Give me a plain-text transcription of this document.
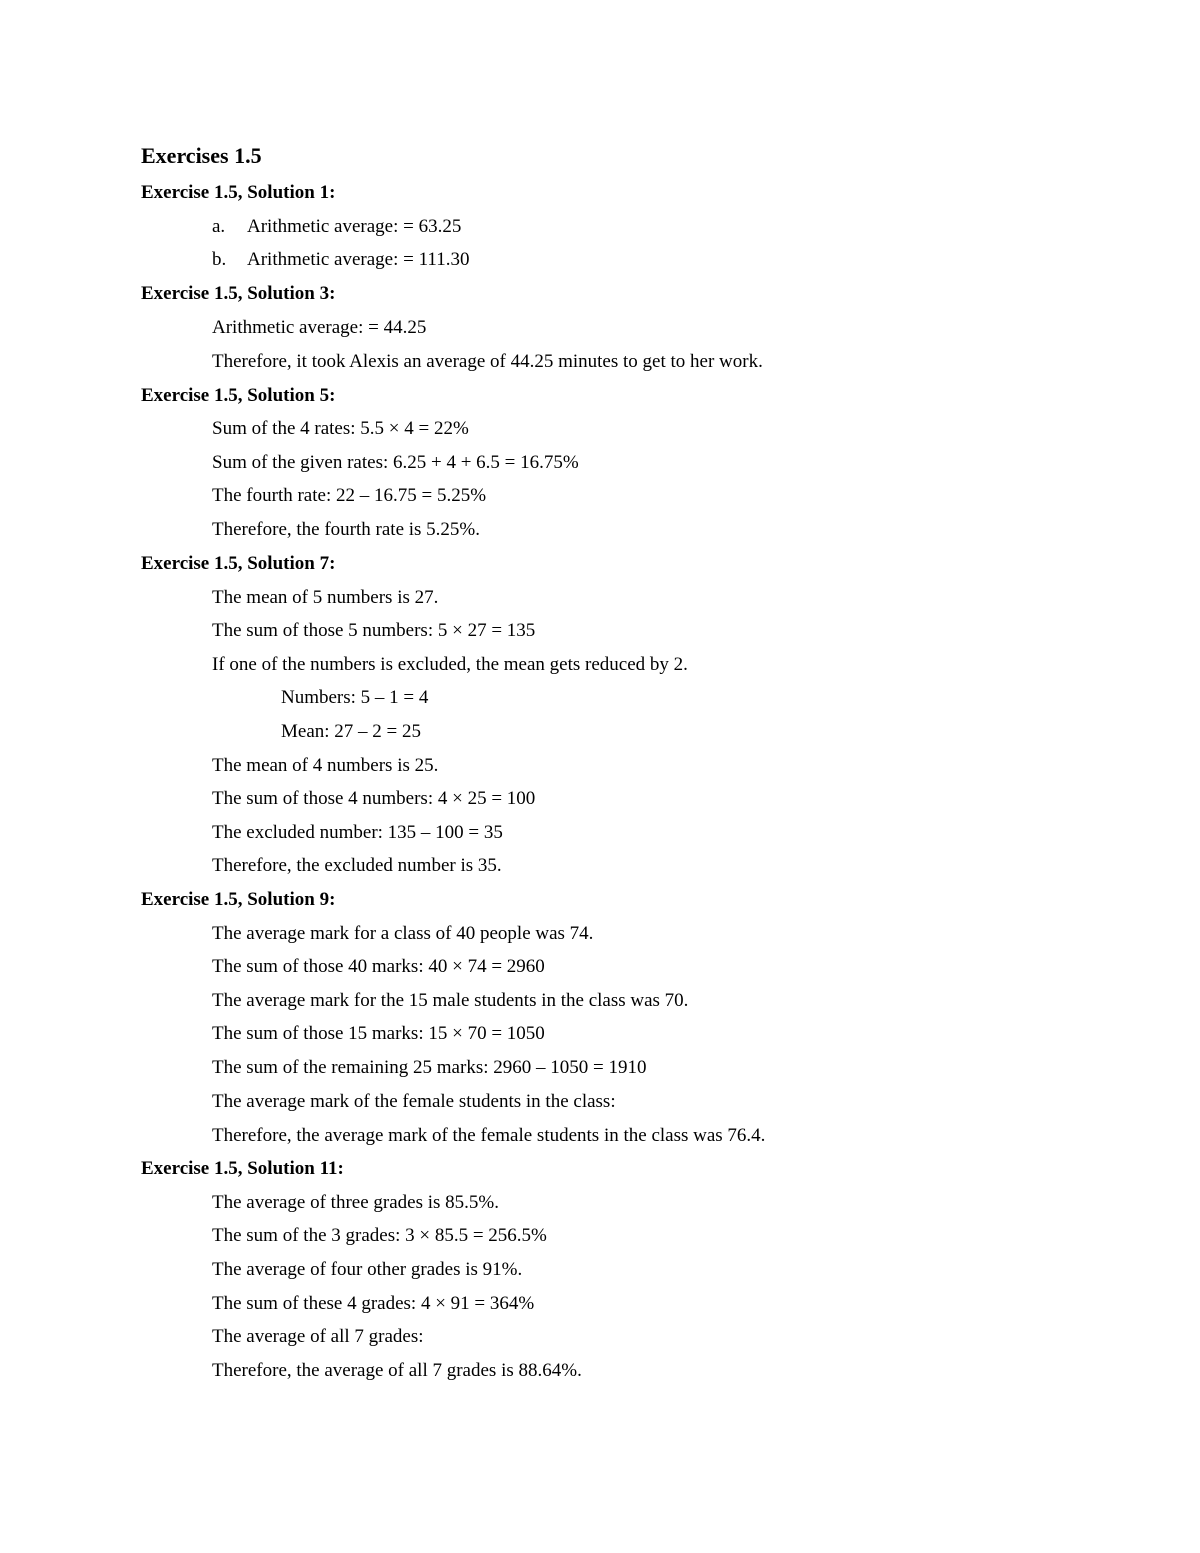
Exercises 1.5
Exercise 1.5, Solution 1:
a. Arithmetic average: = 63.25
b. Arithmetic average: = 111.30
Exercise 1.5, Solution 3:
Arithmetic average: = 44.25
Therefore, it took Alexis an average of 44.25 minutes to get to her work.
Exercise 1.5, Solution 5:
Sum of the 4 rates: 5.5 × 4 = 22%
Sum of the given rates: 6.25 + 4 + 6.5 = 16.75%
The fourth rate: 22 – 16.75 = 5.25%
Therefore, the fourth rate is 5.25%.
Exercise 1.5, Solution 7:
The mean of 5 numbers is 27.
The sum of those 5 numbers: 5 × 27 = 135
If one of the numbers is excluded, the mean gets reduced by 2.
Numbers: 5 – 1 = 4
Mean: 27 – 2 = 25
The mean of 4 numbers is 25.
The sum of those 4 numbers: 4 × 25 = 100
The excluded number: 135 – 100 = 35
Therefore, the excluded number is 35.
Exercise 1.5, Solution 9:
The average mark for a class of 40 people was 74.
The sum of those 40 marks: 40 × 74 = 2960
The average mark for the 15 male students in the class was 70.
The sum of those 15 marks: 15 × 70 = 1050
The sum of the remaining 25 marks: 2960 – 1050 = 1910
The average mark of the female students in the class:
Therefore, the average mark of the female students in the class was 76.4.
Exercise 1.5, Solution 11:
The average of three grades is 85.5%.
The sum of the 3 grades: 3 × 85.5 = 256.5%
The average of four other grades is 91%.
The sum of these 4 grades: 4 × 91 = 364%
The average of all 7 grades:
Therefore, the average of all 7 grades is 88.64%.
